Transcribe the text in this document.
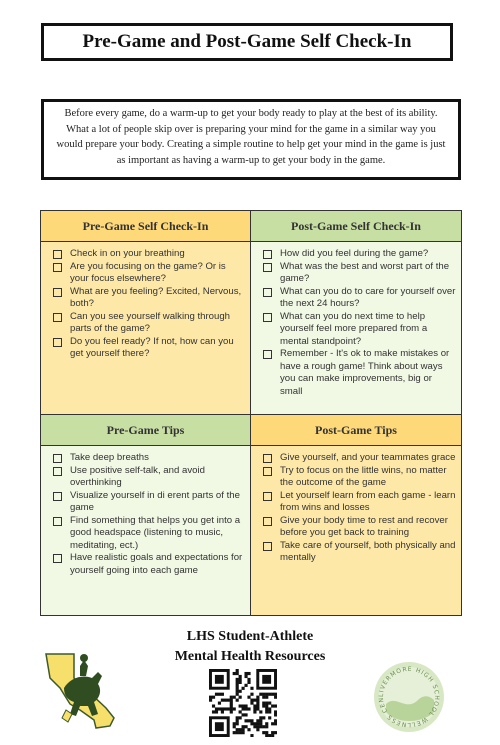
Pre-Game and Post-Game Self Check-In
Before every game, do a warm-up to get your body ready to play at the best of its ability. What a lot of people skip over is preparing your mind for the game in a similar way you would prepare your body. Creating a simple routine to help get your mind in the game is just as important as having a warm-up to get your body in the game.
Pre-Game Self Check-In
Check in on your breathing
Are you focusing on the game? Or is your focus elsewhere?
What are you feeling? Excited, Nervous, both?
Can you see yourself walking through parts of the game?
Do you feel ready? If not, how can you get yourself there?
Post-Game Self Check-In
How did you feel during the game?
What was the best and worst part of the game?
What can you do to care for yourself over the next 24 hours?
What can you do next time to help yourself feel more prepared from a mental standpoint?
Remember - It's ok to make mistakes or have a rough game! Think about ways you can make improvements, big or small
Pre-Game Tips
Take deep breaths
Use positive self-talk, and avoid overthinking
Visualize yourself in di erent parts of the game
Find something that helps you get into a good headspace (listening to music, meditating, ect.)
Have realistic goals and expectations for yourself going into each game
Post-Game Tips
Give yourself, and your teammates grace
Try to focus on the little wins, no matter the outcome of the game
Let yourself learn from each game - learn from wins and losses
Give your body time to rest and recover before you get back to training
Take care of yourself, both physically and mentally
LHS Student-Athlete
Mental Health Resources
LIVERMORE HIGH SCHOOL WELLNESS CEN
